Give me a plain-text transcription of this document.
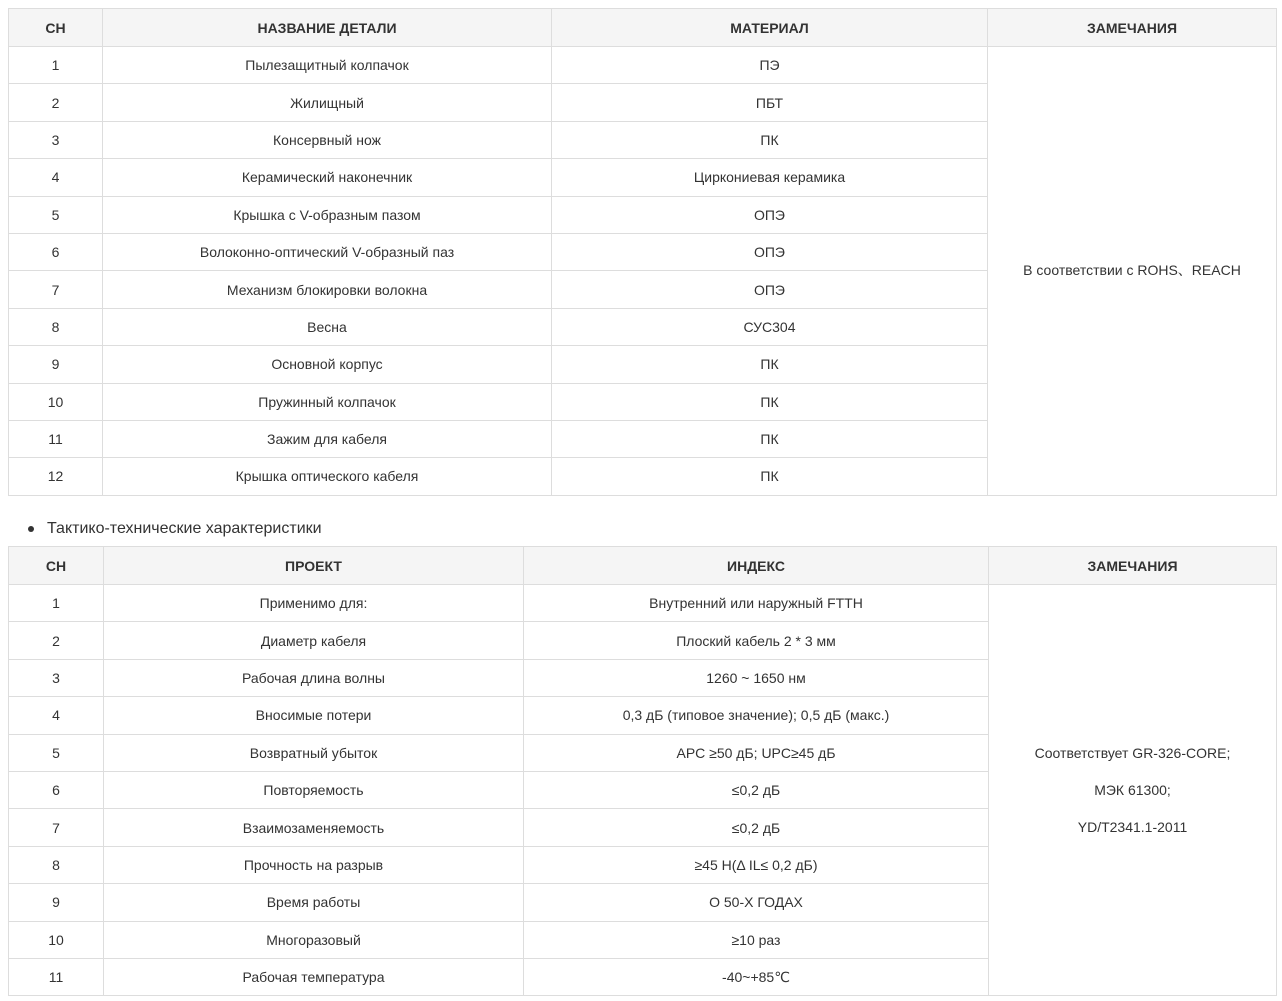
СН	НАЗВАНИЕ ДЕТАЛИ	МАТЕРИАЛ	ЗАМЕЧАНИЯ
1	Пылезащитный колпачок	ПЭ	В соответствии с ROHS、REACH
2	Жилищный	ПБТ	
3	Консервный нож	ПК	
4	Керамический наконечник	Циркониевая керамика	
5	Крышка с V-образным пазом	ОПЭ	
6	Волоконно-оптический V-образный паз	ОПЭ	
7	Механизм блокировки волокна	ОПЭ	
8	Весна	СУС304	
9	Основной корпус	ПК	
10	Пружинный колпачок	ПК	
11	Зажим для кабеля	ПК	
12	Крышка оптического кабеля	ПК	
Тактико-технические характеристики
СН	ПРОЕКТ	ИНДЕКС	ЗАМЕЧАНИЯ
1	Применимо для:	Внутренний или наружный FTTH	Соответствует GR-326-CORE;
МЭК 61300;
YD/T2341.1-2011

2	Диаметр кабеля	Плоский кабель 2 * 3 мм	
3	Рабочая длина волны	1260 ~ 1650 нм	
4	Вносимые потери	0,3 дБ (типовое значение); 0,5 дБ (макс.)	
5	Возвратный убыток	APC ≥50 дБ; UPC≥45 дБ	
6	Повторяемость	≤0,2 дБ	
7	Взаимозаменяемость	≤0,2 дБ	
8	Прочность на разрыв	≥45 Н(Δ IL≤ 0,2 дБ)	
9	Время работы	О 50-Х ГОДАХ	
10	Многоразовый	≥10 раз	
11	Рабочая температура	-40~+85℃	
